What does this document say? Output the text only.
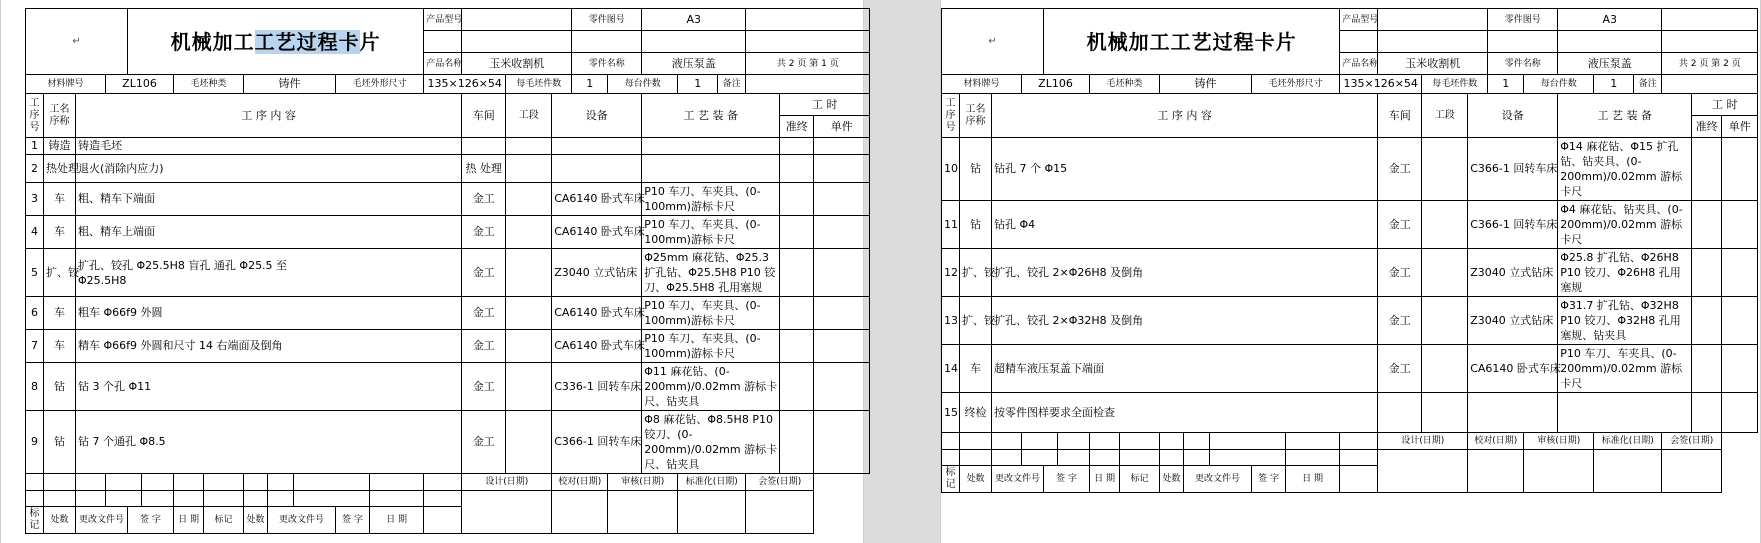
↵				机械加工工艺过程卡片									产品型号				零件图号		A3					

													产品名称	玉米收割机			零件名称		液压泵盖			共 2 页 第 1 页		
材料牌号			ZL106			毛坯种类		铸件			毛坯外形尺寸		135×126×54		每毛坯件数		1	每台件数		1	备注			
工序号	工名序称	工 序 内 容												车间	工段	设备			工 艺 装 备				工 时	
																							准终	单件
1	铸造	铸造毛坯																						
2	热处理	退火(消除内应力)												热 处理										
3	车	粗、精车下端面												金工		CA6140 卧式车床			P10 车刀、车夹具、(0-100mm)游标卡尺					
4	车	粗、精车上端面												金工		CA6140 卧式车床			P10 车刀、车夹具、(0-100mm)游标卡尺					
5	扩、铰	扩孔、铰孔 Φ25.5H8 盲孔 通孔 Φ25.5 至 Φ25.5H8												金工		Z3040 立式钻床			Φ25mm 麻花钻、Φ25.3 扩孔钻、Φ25.5H8 P10 铰刀、Φ25.5H8 孔用塞规					
6	车	粗车 Φ66f9 外圆												金工		CA6140 卧式车床			P10 车刀、车夹具、(0-100mm)游标卡尺					
7	车	精车 Φ66f9 外圆和尺寸 14 右端面及倒角												金工		CA6140 卧式车床			P10 车刀、车夹具、(0-100mm)游标卡尺					
8	钻	钻 3 个孔 Φ11												金工		C336-1 回转车床			Φ11 麻花钻、(0-200mm)/0.02mm 游标卡尺、钻夹具					
9	钻	钻 7 个通孔 Φ8.5												金工		C366-1 回转车床			Φ8 麻花钻、Φ8.5H8 P10 铰刀、(0-200mm)/0.02mm 游标卡尺、钻夹具					
														设计(日期)		校对(日期)		审核(日期)		标准化(日期)		会签(日期)		

标记	处数	更改文件号		签 字		日 期	标记	处数	更改文件号		签 字	日 期												
↵				机械加工工艺过程卡片									产品型号				零件图号		A3					

													产品名称	玉米收割机			零件名称		液压泵盖			共 2 页 第 2 页		
材料牌号			ZL106			毛坯种类		铸件			毛坯外形尺寸		135×126×54		每毛坯件数		1	每台件数		1	备注			
工序号	工名序称	工 序 内 容												车间	工段	设备			工 艺 装 备				工 时	
																							准终	单件
10	钻	钻孔 7 个 Φ15												金工		C366-1 回转车床			Φ14 麻花钻、Φ15 扩孔钻、钻夹具、(0-200mm)/0.02mm 游标卡尺					
11	钻	钻孔 Φ4												金工		C366-1 回转车床			Φ4 麻花钻、钻夹具、(0-200mm)/0.02mm 游标卡尺					
12	扩、铰	扩孔、铰孔 2×Φ26H8 及倒角												金工		Z3040 立式钻床			Φ25.8 扩孔钻、Φ26H8 P10 铰刀、Φ26H8 孔用塞规					
13	扩、铰	扩孔、铰孔 2×Φ32H8 及倒角												金工		Z3040 立式钻床			Φ31.7 扩孔钻、Φ32H8 P10 铰刀、Φ32H8 孔用塞规、钻夹具					
14	车	超精车液压泵盖下端面												金工		CA6140 卧式车床			P10 车刀、车夹具、(0-200mm)/0.02mm 游标卡尺					
15	终检	按零件图样要求全面检查																						
														设计(日期)		校对(日期)		审核(日期)		标准化(日期)		会签(日期)		

标记	处数	更改文件号		签 字		日 期	标记	处数	更改文件号		签 字	日 期												
